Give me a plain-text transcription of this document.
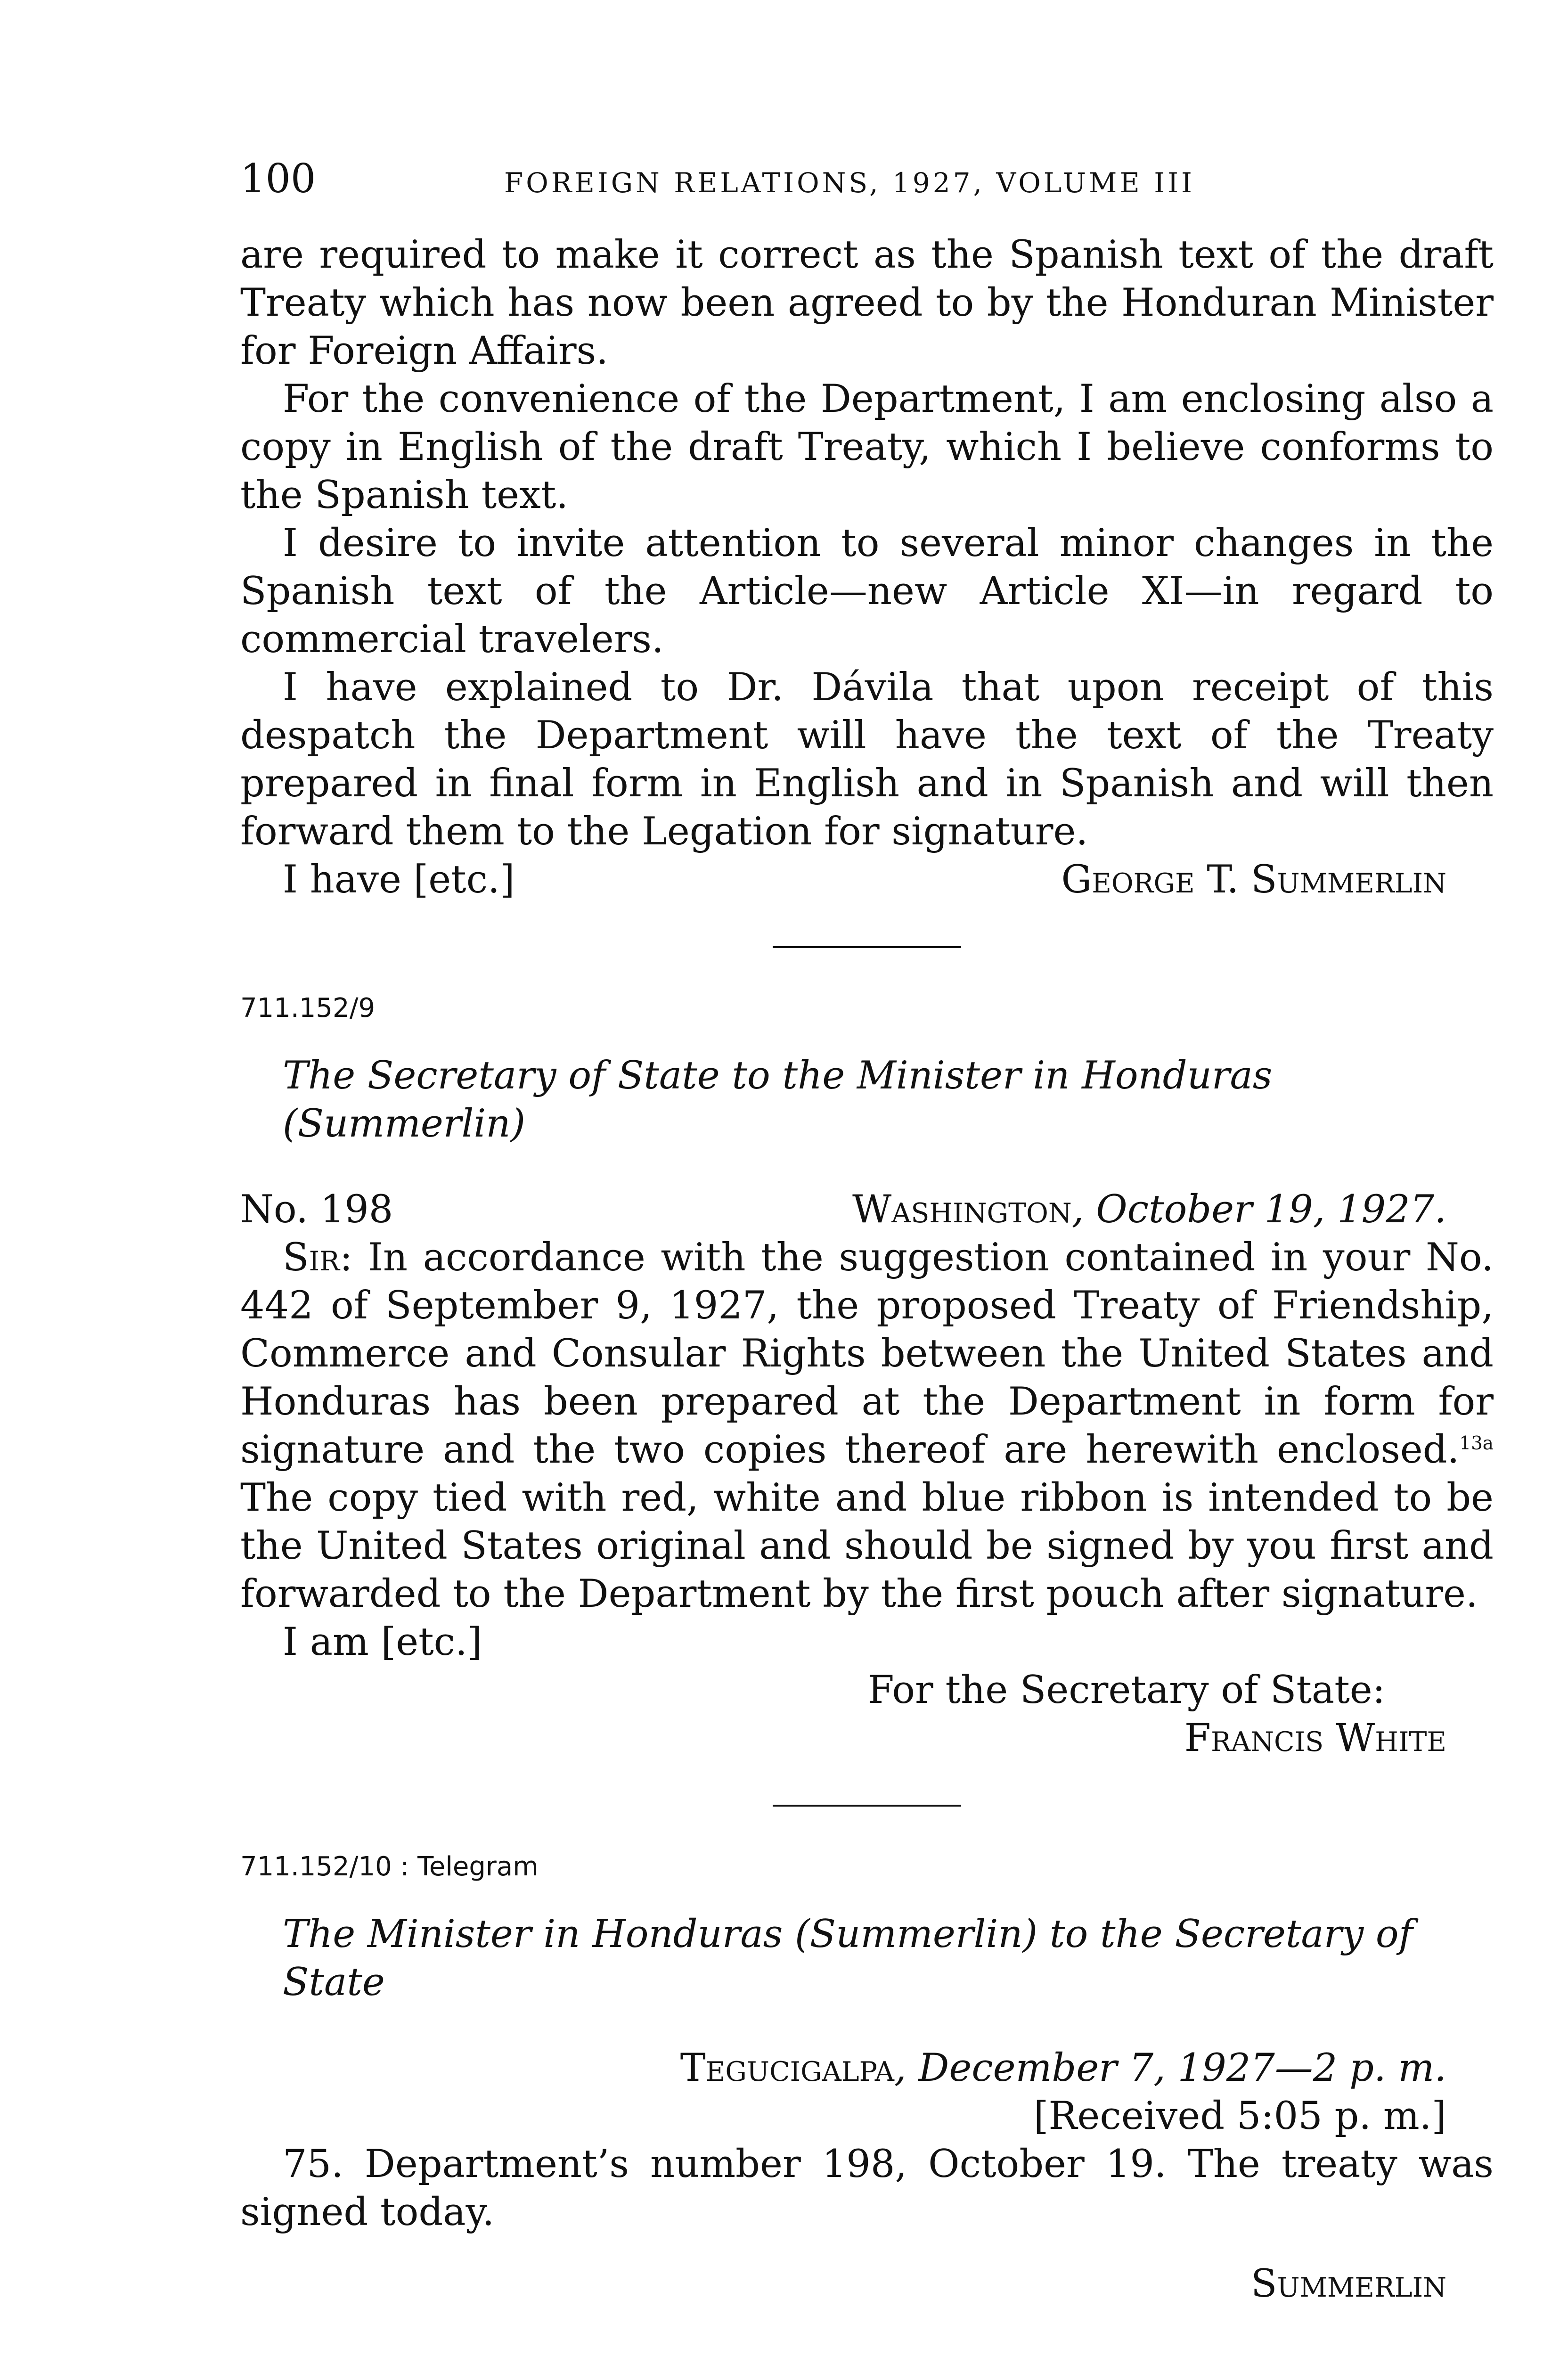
100	FOREIGN RELATIONS, 1927, VOLUME III

are required to make it correct as the Spanish text of the draft Treaty which has now been agreed to by the Honduran Minister for Foreign Affairs.

For the convenience of the Department, I am enclosing also a copy in English of the draft Treaty, which I believe conforms to the Spanish text.

I desire to invite attention to several minor changes in the Spanish text of the Article—new Article XI—in regard to commercial travelers.

I have explained to Dr. Dávila that upon receipt of this despatch the Department will have the text of the Treaty prepared in final form in English and in Spanish and will then forward them to the Legation for signature.

I have [etc.]	George T. Summerlin

711.152/9

The Secretary of State to the Minister in Honduras (Summerlin)

No. 198	Washington, October 19, 1927.

Sir: In accordance with the suggestion contained in your No. 442 of September 9, 1927, the proposed Treaty of Friendship, Commerce and Consular Rights between the United States and Honduras has been prepared at the Department in form for signature and the two copies thereof are herewith enclosed.$^{13a}$ The copy tied with red, white and blue ribbon is intended to be the United States original and should be signed by you first and forwarded to the Department by the first pouch after signature.

I am [etc.]

For the Secretary of State:

Francis White

711.152/10 : Telegram

The Minister in Honduras (Summerlin) to the Secretary of State

Tegucigalpa, December 7, 1927—2 p. m.

[Received 5:05 p. m.]

75. Department’s number 198, October 19. The treaty was signed today.

Summerlin
